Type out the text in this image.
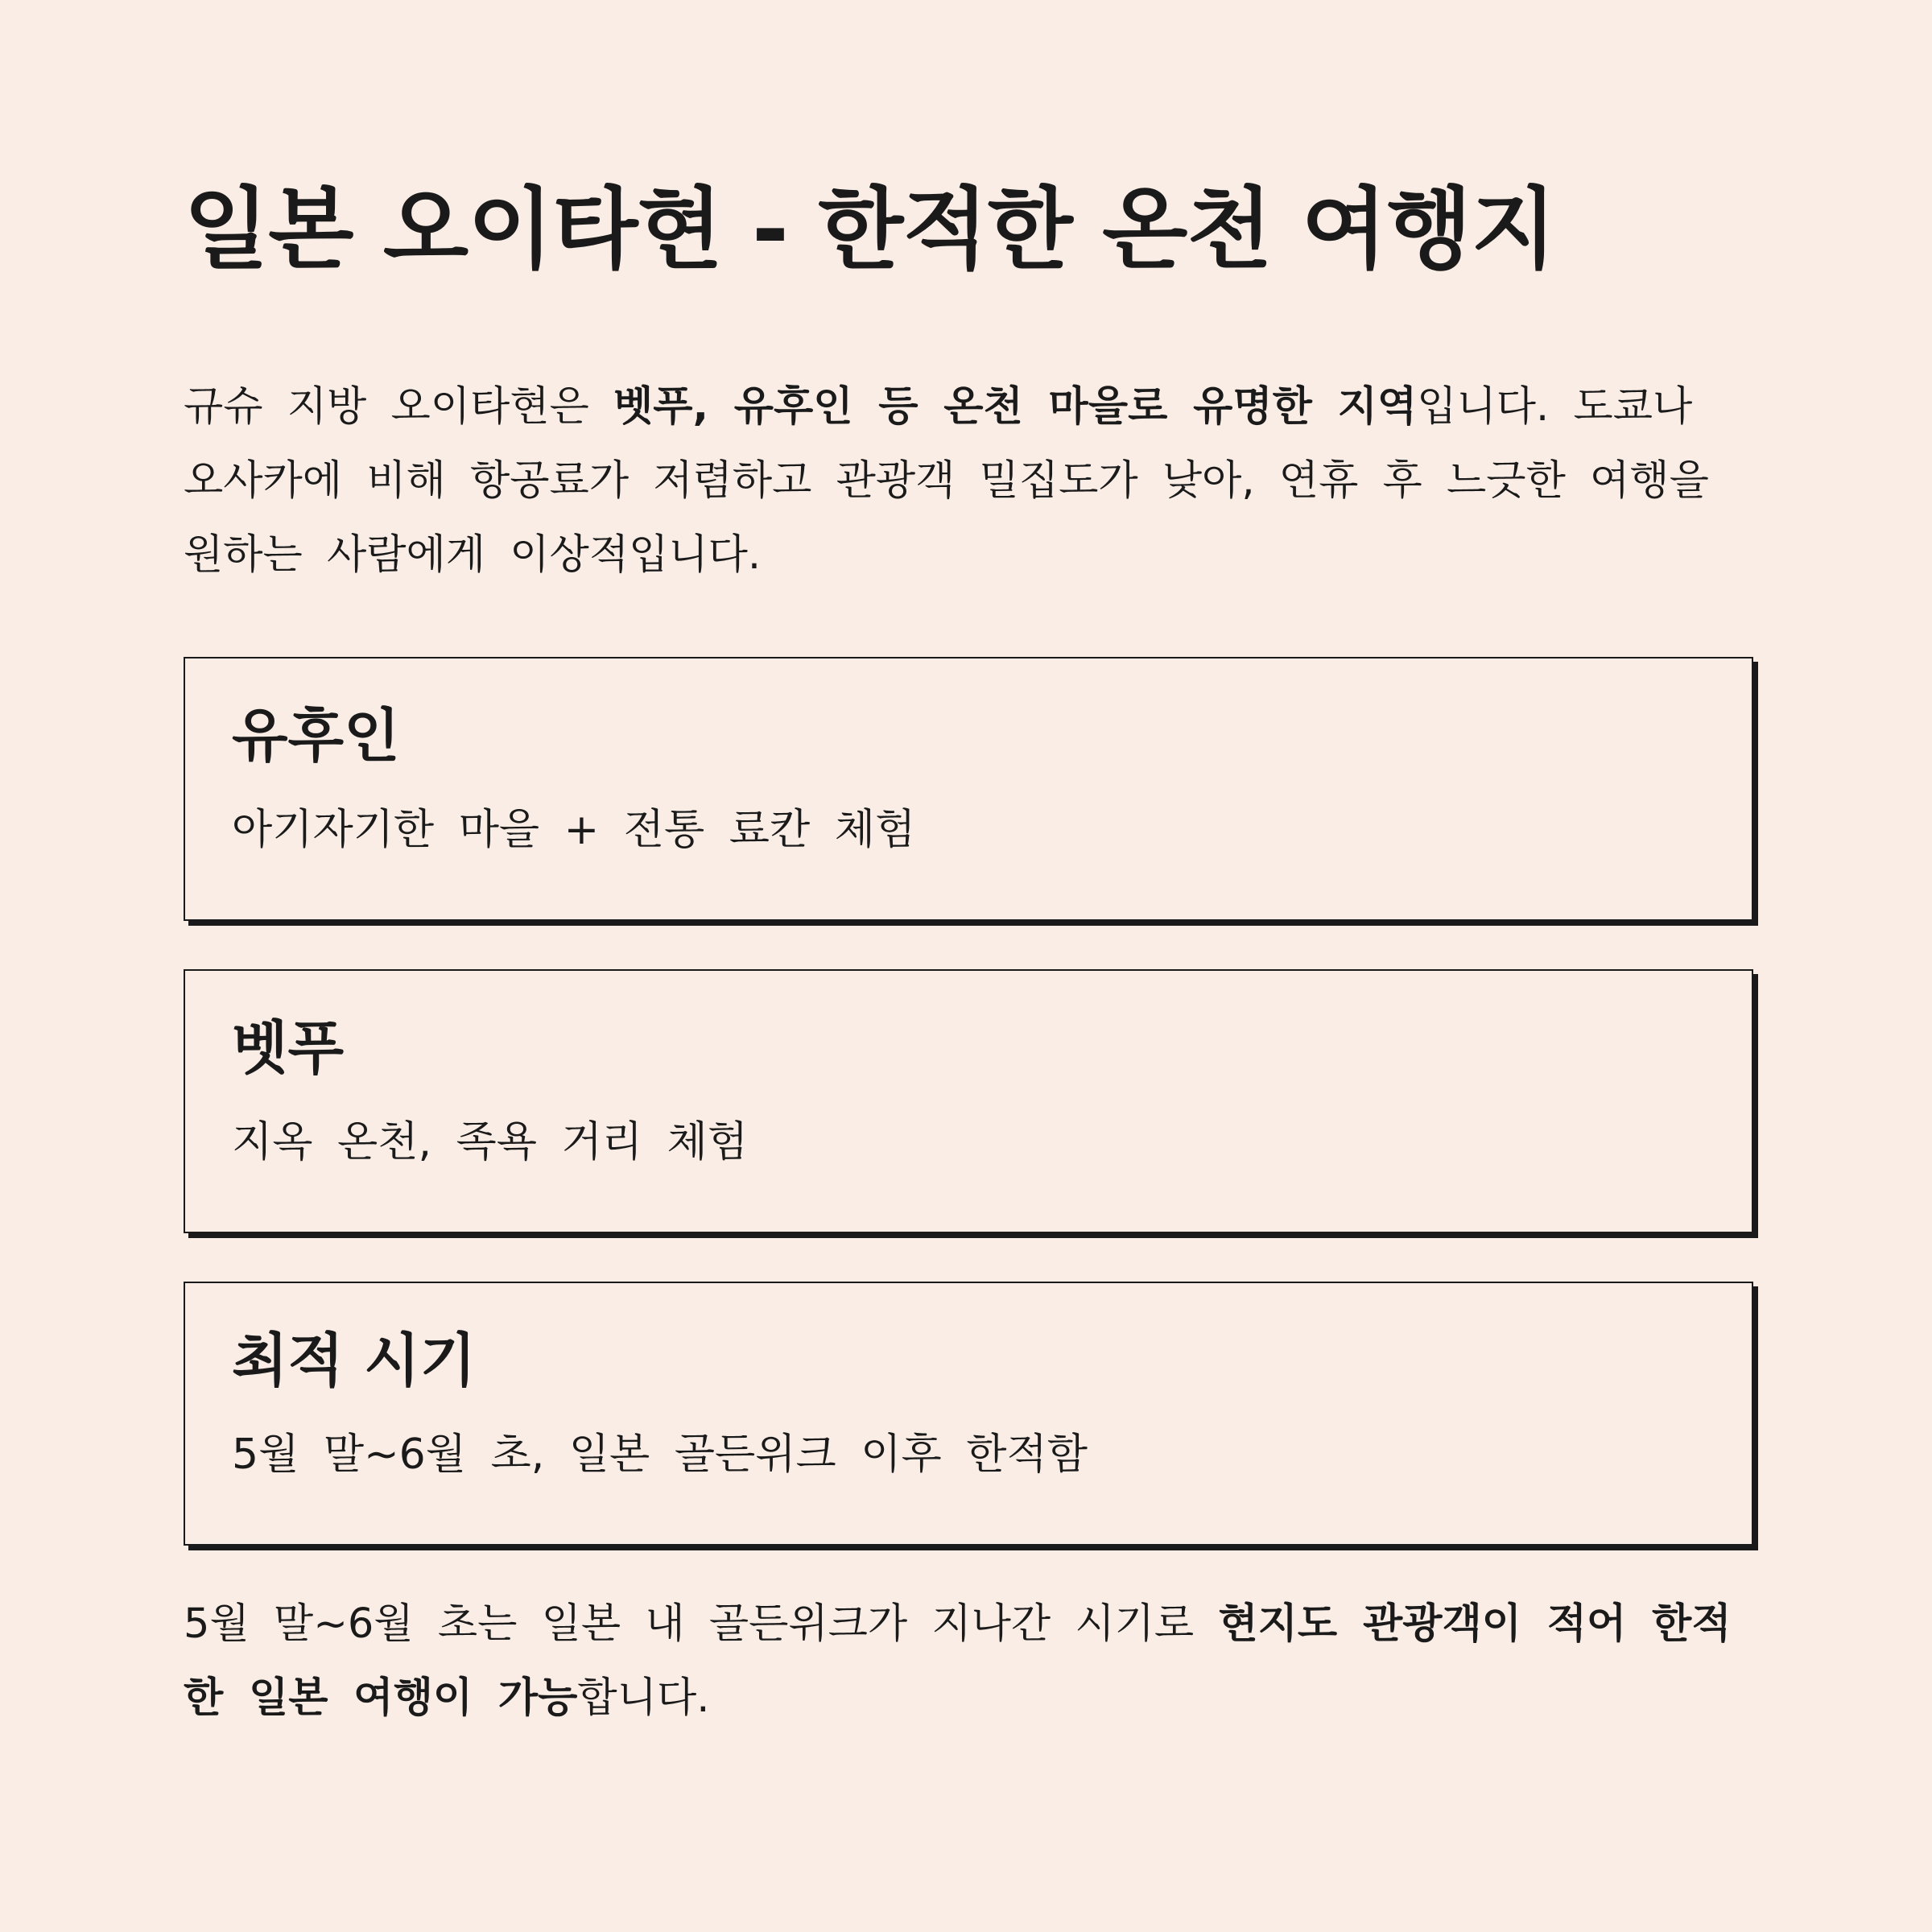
일본 오이타현 - 한적한 온천 여행지

규슈 지방 오이타현은 벳푸, 유후인 등 온천 마을로 유명한 지역입니다. 도쿄나 오사카에 비해 항공료가 저렴하고 관광객 밀집도가 낮아, 연휴 후 느긋한 여행을 원하는 사람에게 이상적입니다.

유후인

아기자기한 마을 + 전통 료칸 체험

벳푸

지옥 온천, 족욕 거리 체험

최적 시기

5월 말~6월 초, 일본 골든위크 이후 한적함

5월 말~6월 초는 일본 내 골든위크가 지나간 시기로 현지도 관광객이 적어 한적한 일본 여행이 가능합니다.
